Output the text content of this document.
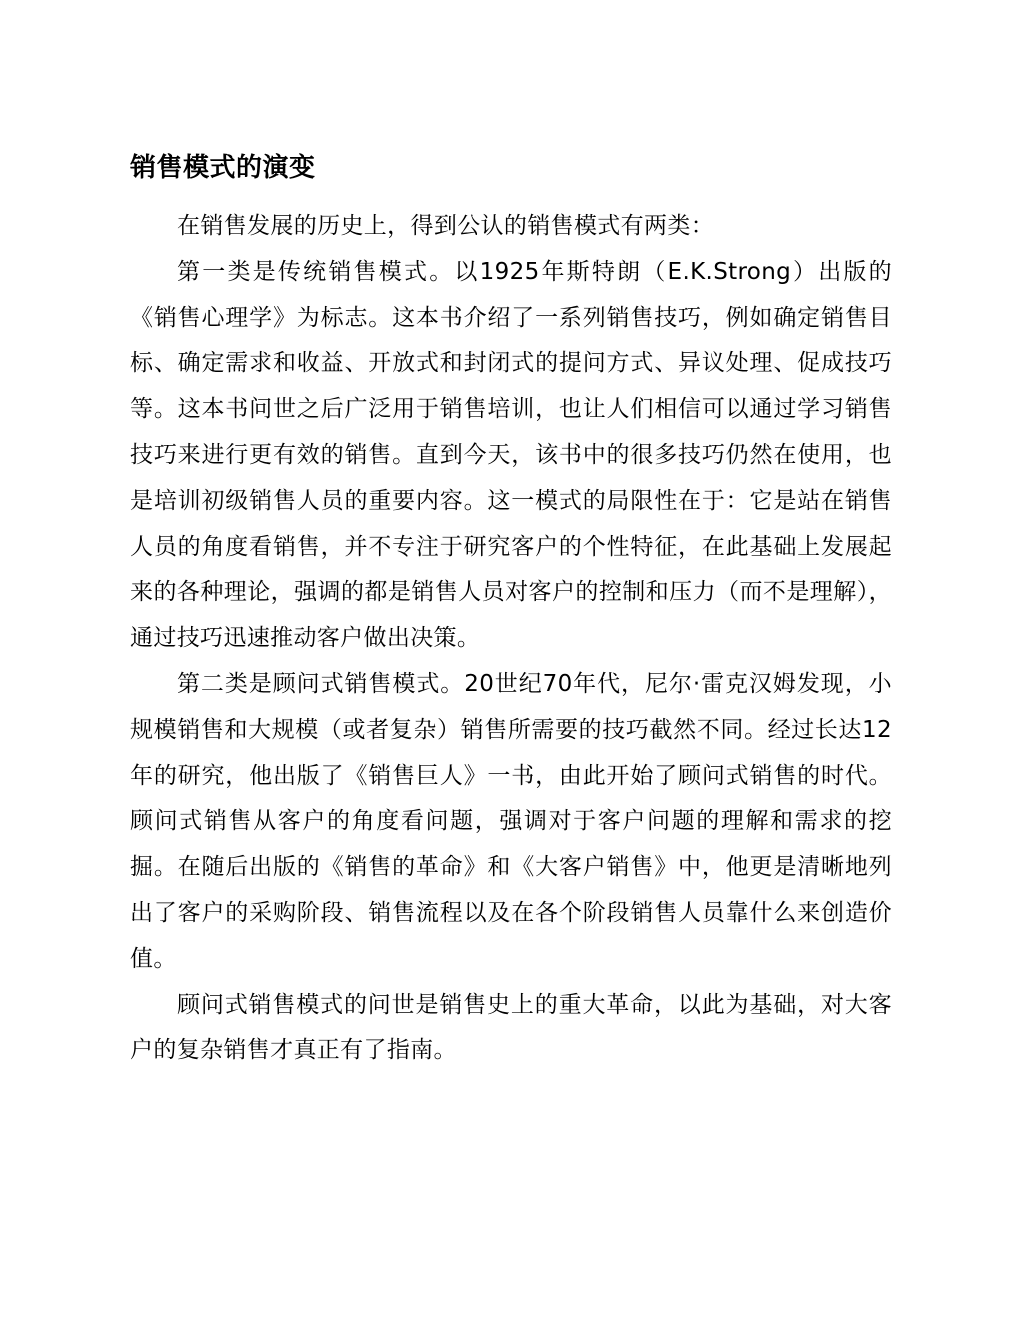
销售模式的演变

在销售发展的历史上，得到公认的销售模式有两类：

第一类是传统销售模式。以1925年斯特朗（E.K.Strong）出版的《销售心理学》为标志。这本书介绍了一系列销售技巧，例如确定销售目标、确定需求和收益、开放式和封闭式的提问方式、异议处理、促成技巧等。这本书问世之后广泛用于销售培训，也让人们相信可以通过学习销售技巧来进行更有效的销售。直到今天，该书中的很多技巧仍然在使用，也是培训初级销售人员的重要内容。这一模式的局限性在于：它是站在销售人员的角度看销售，并不专注于研究客户的个性特征，在此基础上发展起来的各种理论，强调的都是销售人员对客户的控制和压力（而不是理解），通过技巧迅速推动客户做出决策。

第二类是顾问式销售模式。20世纪70年代，尼尔·雷克汉姆发现，小规模销售和大规模（或者复杂）销售所需要的技巧截然不同。经过长达12年的研究，他出版了《销售巨人》一书，由此开始了顾问式销售的时代。顾问式销售从客户的角度看问题，强调对于客户问题的理解和需求的挖掘。在随后出版的《销售的革命》和《大客户销售》中，他更是清晰地列出了客户的采购阶段、销售流程以及在各个阶段销售人员靠什么来创造价值。

顾问式销售模式的问世是销售史上的重大革命，以此为基础，对大客户的复杂销售才真正有了指南。
